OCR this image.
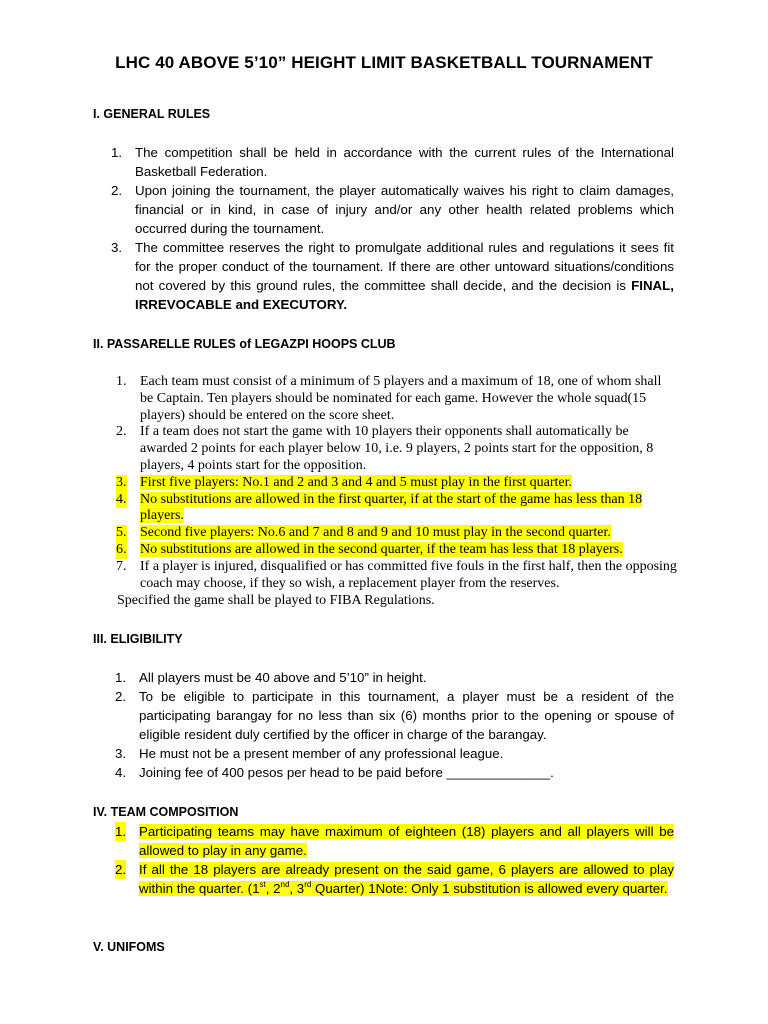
LHC 40 ABOVE 5’10” HEIGHT LIMIT BASKETBALL TOURNAMENT
I. GENERAL RULES
1. The competition shall be held in accordance with the current rules of the International Basketball Federation.
2. Upon joining the tournament, the player automatically waives his right to claim damages, financial or in kind, in case of injury and/or any other health related problems which occurred during the tournament.
3. The committee reserves the right to promulgate additional rules and regulations it sees fit for the proper conduct of the tournament. If there are other untoward situations/conditions not covered by this ground rules, the committee shall decide, and the decision is FINAL, IRREVOCABLE and EXECUTORY.
II. PASSARELLE RULES of LEGAZPI HOOPS CLUB
1. Each team must consist of a minimum of 5 players and a maximum of 18, one of whom shall be Captain. Ten players should be nominated for each game. However the whole squad(15 players) should be entered on the score sheet.
2. If a team does not start the game with 10 players their opponents shall automatically be awarded 2 points for each player below 10, i.e. 9 players, 2 points start for the opposition, 8 players, 4 points start for the opposition.
3. First five players: No.1 and 2 and 3 and 4 and 5 must play in the first quarter.
4. No substitutions are allowed in the first quarter, if at the start of the game has less than 18 players.
5. Second five players: No.6 and 7 and 8 and 9 and 10 must play in the second quarter.
6. No substitutions are allowed in the second quarter, if the team has less that 18 players.
7. If a player is injured, disqualified or has committed five fouls in the first half, then the opposing coach may choose, if they so wish, a replacement player from the reserves.
Specified the game shall be played to FIBA Regulations.
III. ELIGIBILITY
1. All players must be 40 above and 5’10” in height.
2. To be eligible to participate in this tournament, a player must be a resident of the participating barangay for no less than six (6) months prior to the opening or spouse of eligible resident duly certified by the officer in charge of the barangay.
3. He must not be a present member of any professional league.
4. Joining fee of 400 pesos per head to be paid before ______________.
IV. TEAM COMPOSITION
1. Participating teams may have maximum of eighteen (18) players and all players will be allowed to play in any game.
2. If all the 18 players are already present on the said game, 6 players are allowed to play within the quarter. (1st, 2nd, 3rd Quarter) 1Note: Only 1 substitution is allowed every quarter.
V. UNIFOMS
